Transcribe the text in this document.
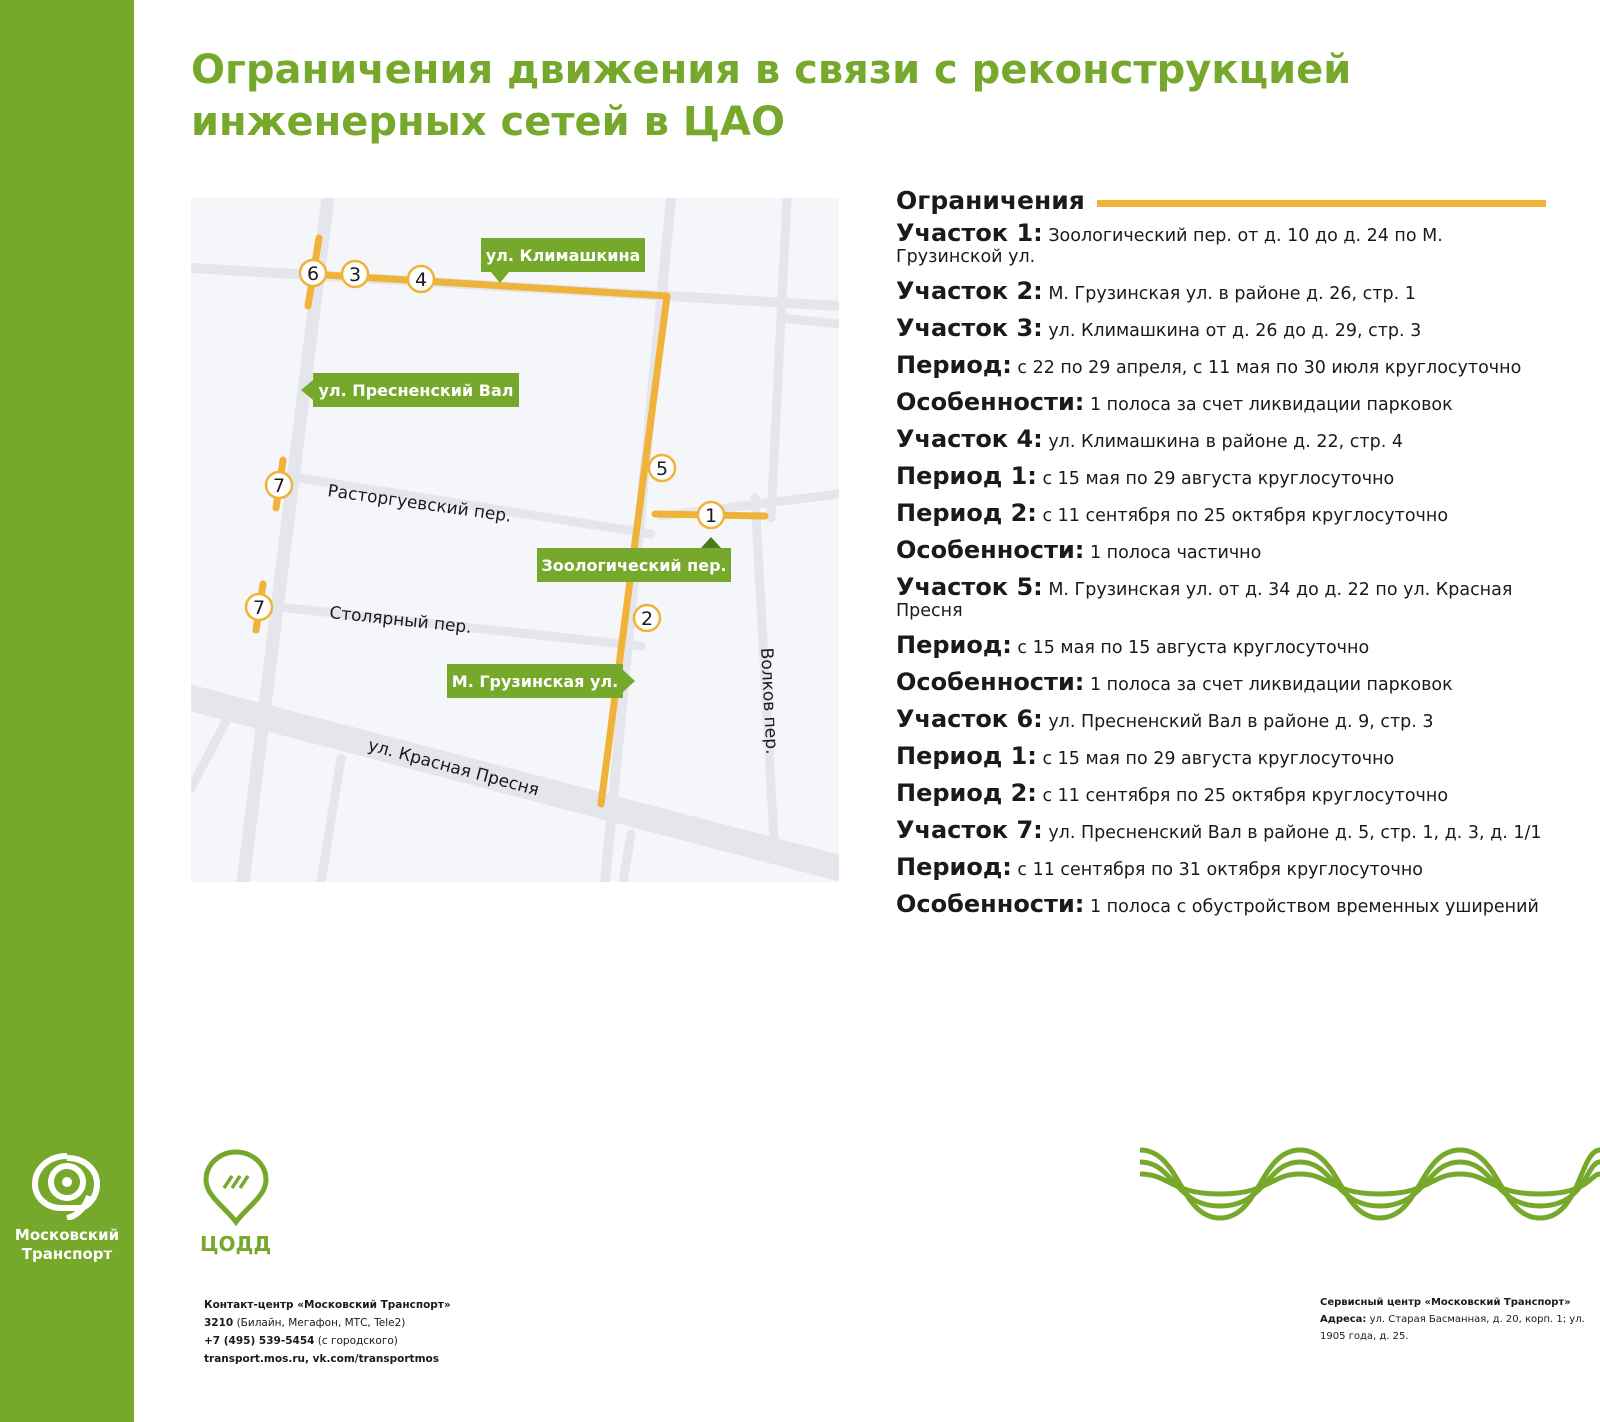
Московский
Транспорт
Ограничения движения в связи с реконструкцией
инженерных сетей в ЦАО
6 3	4
5
1
2
7
7
ул. Климашкина
ул. Пресненский Вал
Зоологический пер.
М. Грузинская ул.
Расторгуевский пер.
Столярный пер.
Волков пер.
ул. Красная Пресня
Ограничения
Участок 1: Зоологический пер. от д. 10 до д. 24 по М. Грузинской ул.
Участок 2: М. Грузинская ул. в районе д. 26, стр. 1
Участок 3: ул. Климашкина от д. 26 до д. 29, стр. 3
Период: с 22 по 29 апреля, с 11 мая по 30 июля круглосуточно
Особенности: 1 полоса за счет ликвидации парковок
Участок 4: ул. Климашкина в районе д. 22, стр. 4
Период 1: с 15 мая по 29 августа круглосуточно
Период 2: с 11 сентября по 25 октября круглосуточно
Особенности: 1 полоса частично
Участок 5: М. Грузинская ул. от д. 34 до д. 22 по ул. Красная Пресня
Период: с 15 мая по 15 августа круглосуточно
Особенности: 1 полоса за счет ликвидации парковок
Участок 6: ул. Пресненский Вал в районе д. 9, стр. 3
Период 1: с 15 мая по 29 августа круглосуточно
Период 2: с 11 сентября по 25 октября круглосуточно
Участок 7: ул. Пресненский Вал в районе д. 5, стр. 1, д. 3, д. 1/1
Период: с 11 сентября по 31 октября круглосуточно
Особенности: 1 полоса с обустройством временных уширений
ЦОДД
Контакт-центр «Московский Транспорт»
3210 (Билайн, Мегафон, МТС, Tele2)
+7 (495) 539-5454 (с городского)
transport.mos.ru, vk.com/transportmos
Сервисный центр «Московский Транспорт»
Адреса: ул. Старая Басманная, д. 20, корп. 1; ул. 1905 года, д. 25.
